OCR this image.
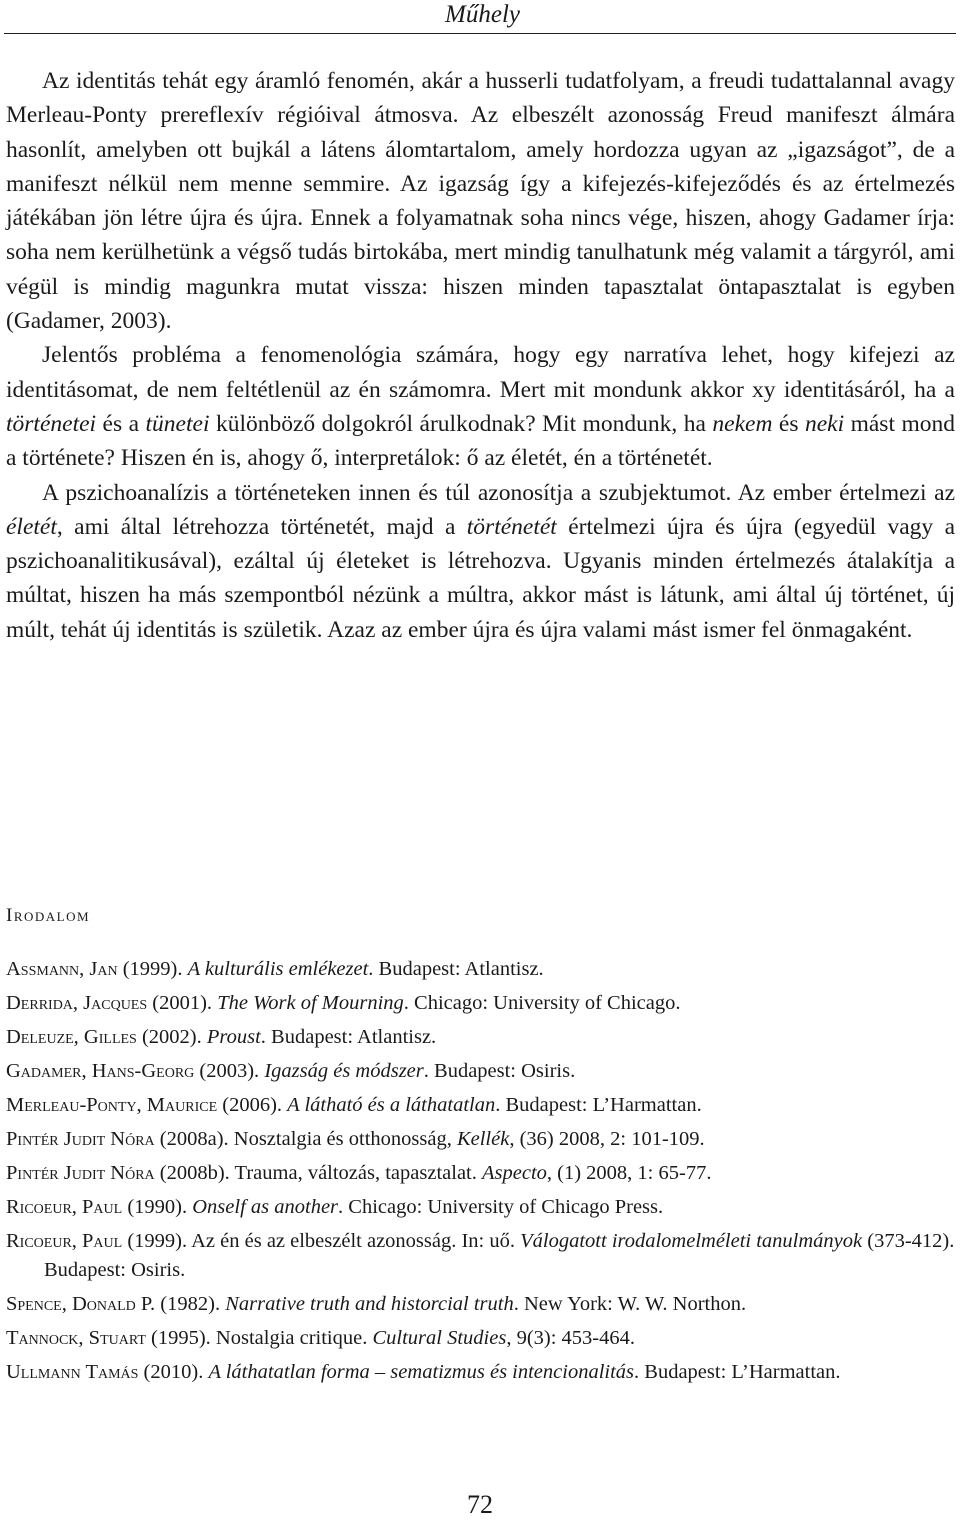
Műhely

Az identitás tehát egy áramló fenomén, akár a husserli tudatfolyam, a freudi tudattalannal avagy Merleau-Ponty prereflexív régióival átmosva. Az elbeszélt azonosság Freud manifeszt álmára hasonlít, amelyben ott bujkál a látens álomtartalom, amely hordozza ugyan az „igazságot”, de a manifeszt nélkül nem menne semmire. Az igazság így a kifejezés-kifejeződés és az értelmezés játékában jön létre újra és újra. Ennek a folyamatnak soha nincs vége, hiszen, ahogy Gadamer írja: soha nem kerülhetünk a végső tudás birtokába, mert mindig tanulhatunk még valamit a tárgyról, ami végül is mindig magunkra mutat vissza: hiszen minden tapasztalat öntapasztalat is egyben (Gadamer, 2003).

Jelentős probléma a fenomenológia számára, hogy egy narratíva lehet, hogy kifejezi az identitásomat, de nem feltétlenül az én számomra. Mert mit mondunk akkor xy identitásáról, ha a történetei és a tünetei különböző dolgokról árulkodnak? Mit mondunk, ha nekem és neki mást mond a története? Hiszen én is, ahogy ő, interpretálok: ő az életét, én a történetét.

A pszichoanalízis a történeteken innen és túl azonosítja a szubjektumot. Az ember értelmezi az életét, ami által létrehozza történetét, majd a történetét értelmezi újra és újra (egyedül vagy a pszichoanalitikusával), ezáltal új életeket is létrehozva. Ugyanis minden értelmezés átalakítja a múltat, hiszen ha más szempontból nézünk a múltra, akkor mást is látunk, ami által új történet, új múlt, tehát új identitás is születik. Azaz az ember újra és újra valami mást ismer fel önmagaként.

Irodalom

Assmann, Jan (1999). A kulturális emlékezet. Budapest: Atlantisz.

Derrida, Jacques (2001). The Work of Mourning. Chicago: University of Chicago.

Deleuze, Gilles (2002). Proust. Budapest: Atlantisz.

Gadamer, Hans-Georg (2003). Igazság és módszer. Budapest: Osiris.

Merleau-Ponty, Maurice (2006). A látható és a láthatatlan. Budapest: L’Harmattan.

Pintér Judit Nóra (2008a). Nosztalgia és otthonosság, Kellék, (36) 2008, 2: 101-109.

Pintér Judit Nóra (2008b). Trauma, változás, tapasztalat. Aspecto, (1) 2008, 1: 65-77.

Ricoeur, Paul (1990). Onself as another. Chicago: University of Chicago Press.

Ricoeur, Paul (1999). Az én és az elbeszélt azonosság. In: uő. Válogatott irodalomelméleti tanulmányok (373-412). Budapest: Osiris.

Spence, Donald P. (1982). Narrative truth and historcial truth. New York: W. W. Northon.

Tannock, Stuart (1995). Nostalgia critique. Cultural Studies, 9(3): 453-464.

Ullmann Tamás (2010). A láthatatlan forma – sematizmus és intencionalitás. Budapest: L’Harmattan.

72
